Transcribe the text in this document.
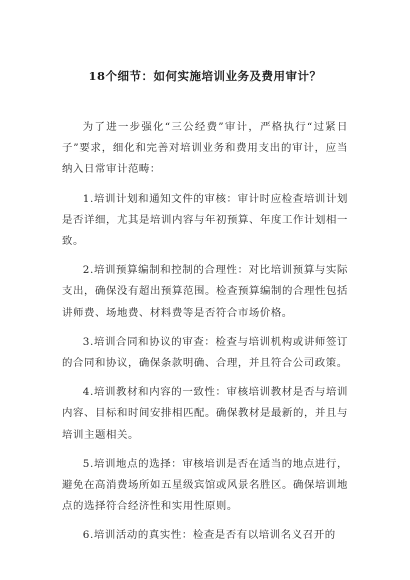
18个细节：如何实施培训业务及费用审计？

为了进一步强化“三公经费”审计，严格执行“过紧日子”要求，细化和完善对培训业务和费用支出的审计，应当纳入日常审计范畴：

1.培训计划和通知文件的审核：审计时应检查培训计划是否详细，尤其是培训内容与年初预算、年度工作计划相一致。

2.培训预算编制和控制的合理性：对比培训预算与实际支出，确保没有超出预算范围。检查预算编制的合理性包括讲师费、场地费、材料费等是否符合市场价格。

3.培训合同和协议的审查：检查与培训机构或讲师签订的合同和协议，确保条款明确、合理，并且符合公司政策。

4.培训教材和内容的一致性：审核培训教材是否与培训内容、目标和时间安排相匹配。确保教材是最新的，并且与培训主题相关。

5.培训地点的选择：审核培训是否在适当的地点进行，避免在高消费场所如五星级宾馆或风景名胜区。确保培训地点的选择符合经济性和实用性原则。

6.培训活动的真实性：检查是否有以培训名义召开的
